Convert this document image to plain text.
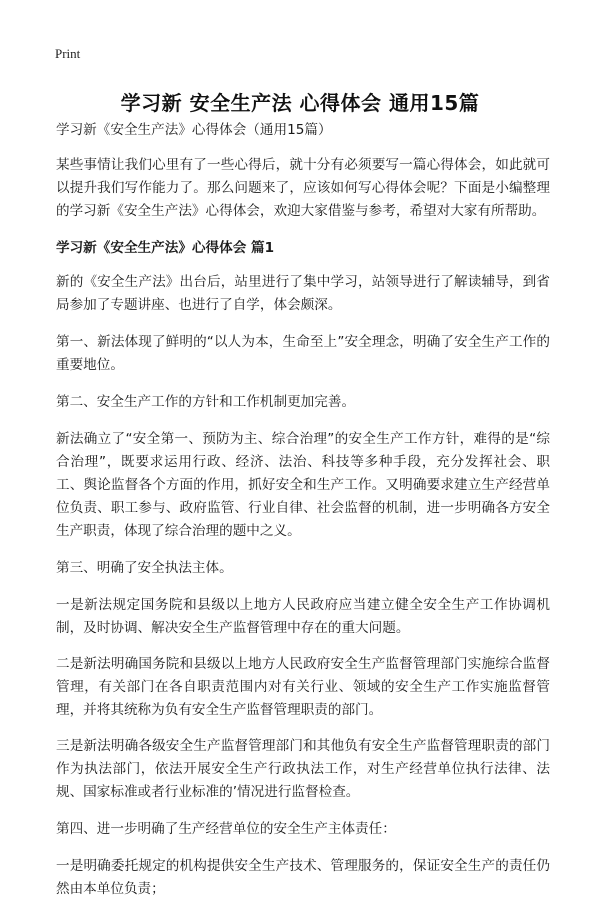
Print
学习新 安全生产法 心得体会 通用15篇

学习新《安全生产法》心得体会（通用15篇）

某些事情让我们心里有了一些心得后，就十分有必须要写一篇心得体会，如此就可以提升我们写作能力了。那么问题来了，应该如何写心得体会呢？下面是小编整理的学习新《安全生产法》心得体会，欢迎大家借鉴与参考，希望对大家有所帮助。

学习新《安全生产法》心得体会 篇1

新的《安全生产法》出台后，站里进行了集中学习，站领导进行了解读辅导，到省局参加了专题讲座、也进行了自学，体会颇深。

第一、新法体现了鲜明的“以人为本，生命至上”安全理念，明确了安全生产工作的重要地位。

第二、安全生产工作的方针和工作机制更加完善。

新法确立了“安全第一、预防为主、综合治理”的安全生产工作方针，难得的是“综合治理”，既要求运用行政、经济、法治、科技等多种手段，充分发挥社会、职工、舆论监督各个方面的作用，抓好安全和生产工作。又明确要求建立生产经营单位负责、职工参与、政府监管、行业自律、社会监督的机制，进一步明确各方安全生产职责，体现了综合治理的题中之义。

第三、明确了安全执法主体。

一是新法规定国务院和县级以上地方人民政府应当建立健全安全生产工作协调机制，及时协调、解决安全生产监督管理中存在的重大问题。

二是新法明确国务院和县级以上地方人民政府安全生产监督管理部门实施综合监督管理，有关部门在各自职责范围内对有关行业、领域的安全生产工作实施监督管理，并将其统称为负有安全生产监督管理职责的部门。

三是新法明确各级安全生产监督管理部门和其他负有安全生产监督管理职责的部门作为执法部门，依法开展安全生产行政执法工作，对生产经营单位执行法律、法规、国家标准或者行业标准的’情况进行监督检查。

第四、进一步明确了生产经营单位的安全生产主体责任：

一是明确委托规定的机构提供安全生产技术、管理服务的，保证安全生产的责任仍然由本单位负责；
